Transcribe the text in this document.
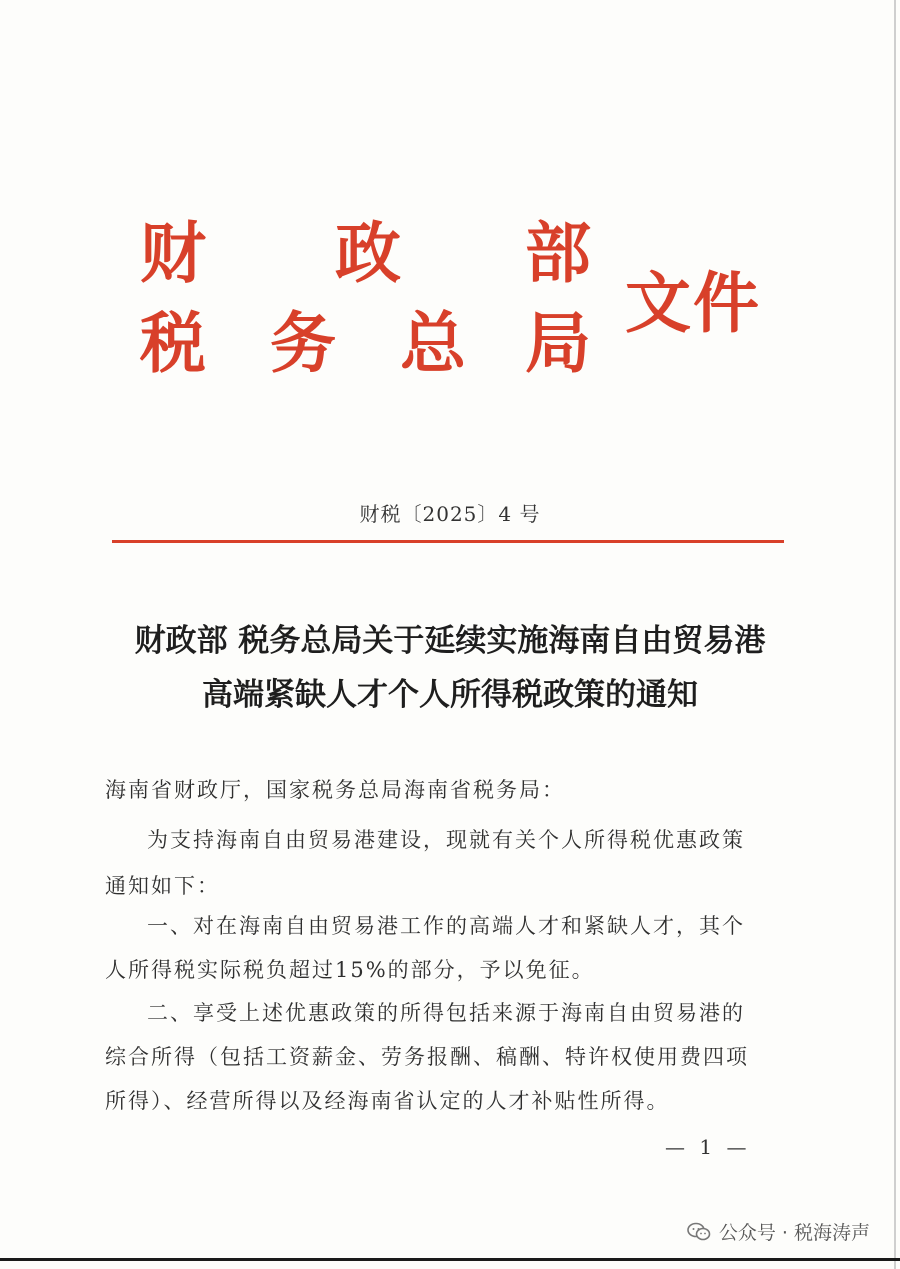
财 政 部
税 务 总 局
文件
财税〔2025〕4 号
财政部 税务总局关于延续实施海南自由贸易港
高端紧缺人才个人所得税政策的通知
海南省财政厅，国家税务总局海南省税务局：
为支持海南自由贸易港建设，现就有关个人所得税优惠政策
通知如下：
一、对在海南自由贸易港工作的高端人才和紧缺人才，其个
人所得税实际税负超过15%的部分，予以免征。
二、享受上述优惠政策的所得包括来源于海南自由贸易港的
综合所得（包括工资薪金、劳务报酬、稿酬、特许权使用费四项
所得）、经营所得以及经海南省认定的人才补贴性所得。
— 1 —
公众号 · 税海涛声
